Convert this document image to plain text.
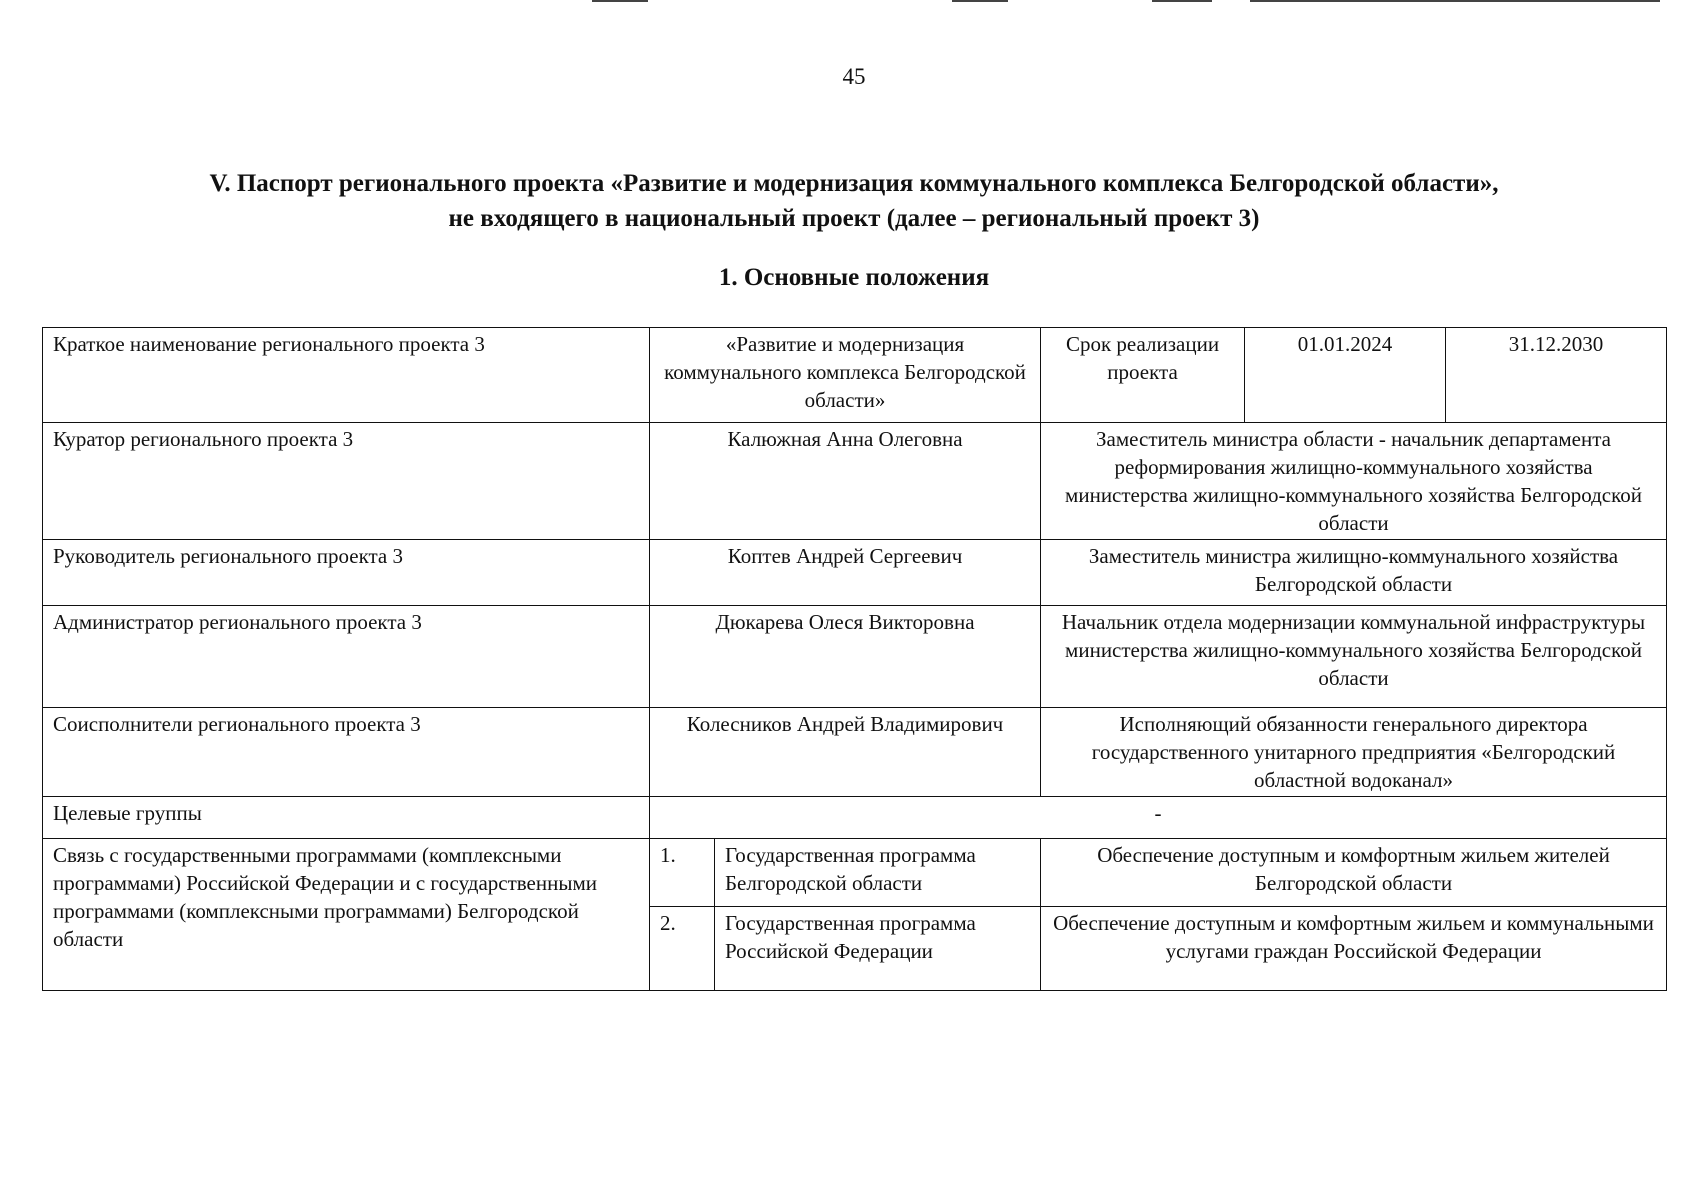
45
V. Паспорт регионального проекта «Развитие и модернизация коммунального комплекса Белгородской области»,
не входящего в национальный проект (далее – региональный проект 3)
1. Основные положения
Краткое наименование регионального проекта 3	«Развитие и модернизация коммунального комплекса Белгородской области»		Срок реализации проекта	01.01.2024	31.12.2030
Куратор регионального проекта 3	Калюжная Анна Олеговна		Заместитель министра области - начальник департамента реформирования жилищно-коммунального хозяйства министерства жилищно-коммунального хозяйства Белгородской области		
Руководитель регионального проекта 3	Коптев Андрей Сергеевич		Заместитель министра жилищно-коммунального хозяйства Белгородской области		
Администратор регионального проекта 3	Дюкарева Олеся Викторовна		Начальник отдела модернизации коммунальной инфраструктуры министерства жилищно-коммунального хозяйства Белгородской области		
Соисполнители регионального проекта 3	Колесников Андрей Владимирович		Исполняющий обязанности генерального директора государственного унитарного предприятия «Белгородский областной водоканал»		
Целевые группы	-				
Связь с государственными программами (комплексными программами) Российской Федерации и с государственными программами (комплексными программами) Белгородской области	1.	Государственная программа Белгородской области	Обеспечение доступным и комфортным жильем жителей Белгородской области		
	2.	Государственная программа Российской Федерации	Обеспечение доступным и комфортным жильем и коммунальными услугами граждан Российской Федерации		
